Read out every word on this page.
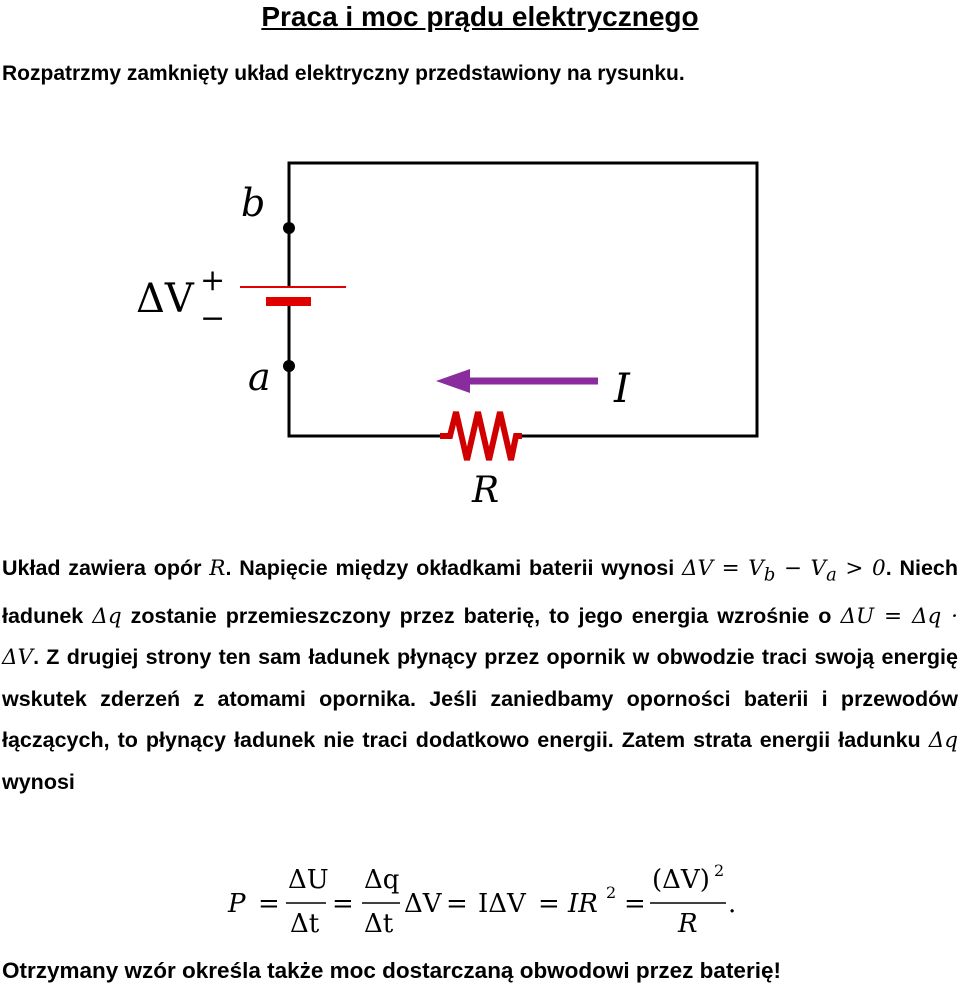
Praca i moc prądu elektrycznego
Rozpatrzmy zamknięty układ elektryczny przedstawiony na rysunku.
b
a
ΔV +
−
I
R
Układ zawiera opór R. Napięcie między okładkami baterii wynosi $\Delta V = V_b - V_a > 0$. Niech ładunek Δq zostanie przemieszczony przez baterię, to jego energia wzrośnie o ΔU = Δq · ΔV. Z drugiej strony ten sam ładunek płynący przez opornik w obwodzie traci swoją energię wskutek zderzeń z atomami opornika. Jeśli zaniedbamy oporności baterii i przewodów łączących, to płynący ładunek nie traci dodatkowo energii. Zatem strata energii ładunku Δq wynosi
P =
ΔU
Δt
=
Δq
Δt
ΔV = IΔV = IR 2 =
(ΔV) 2
R
.
Otrzymany wzór określa także moc dostarczaną obwodowi przez baterię!
